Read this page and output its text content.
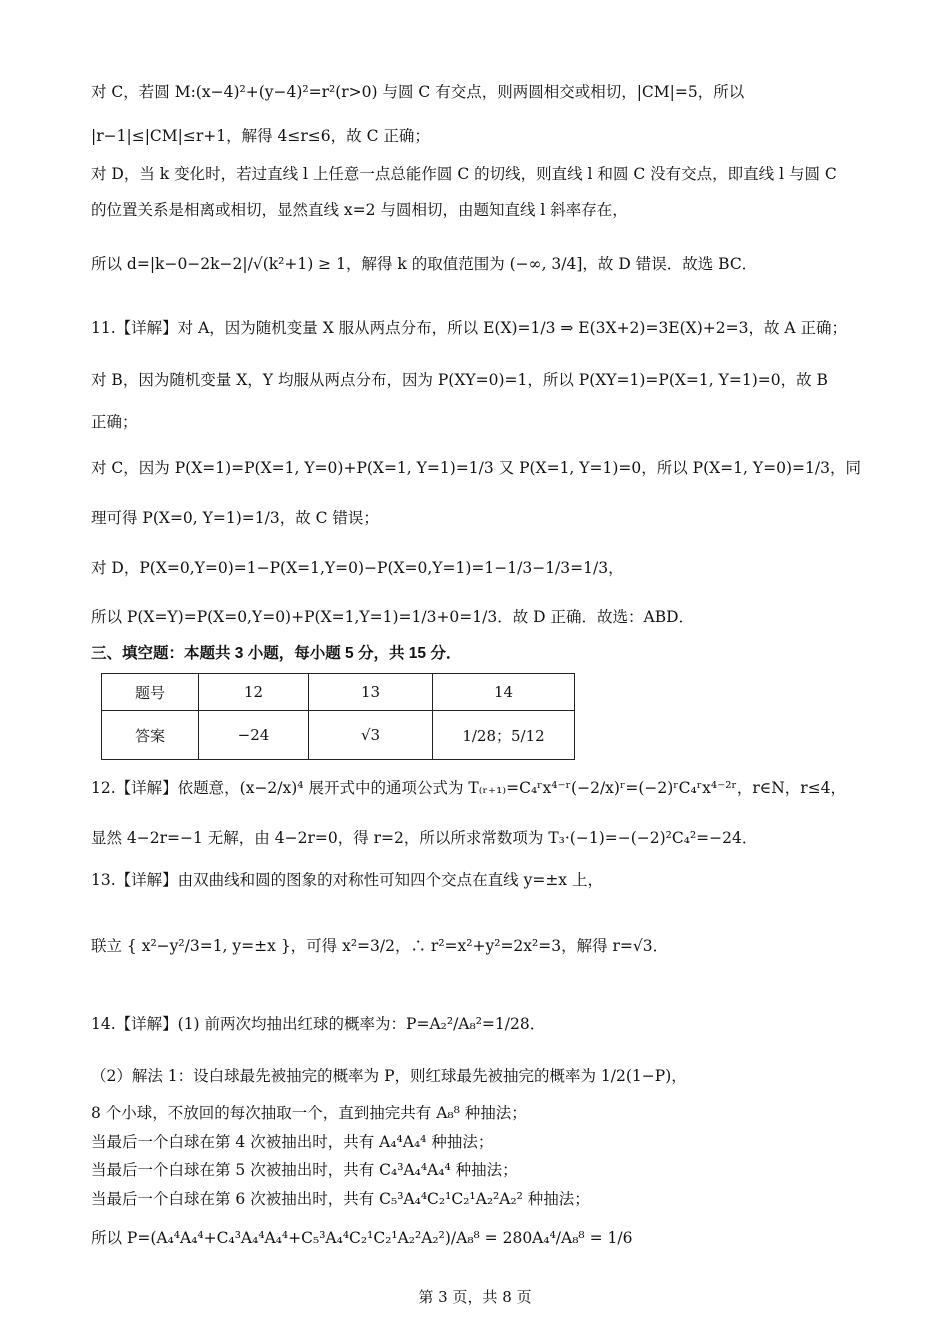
对 C，若圆 M:(x−4)²+(y−4)²=r²(r>0) 与圆 C 有交点，则两圆相交或相切，|CM|=5，所以
|r−1|≤|CM|≤r+1，解得 4≤r≤6，故 C 正确；
对 D，当 k 变化时，若过直线 l 上任意一点总能作圆 C 的切线，则直线 l 和圆 C 没有交点，即直线 l 与圆 C
的位置关系是相离或相切，显然直线 x=2 与圆相切，由题知直线 l 斜率存在，
所以 d=|k−0−2k−2|/√(k²+1) ≥ 1，解得 k 的取值范围为 (−∞, 3/4]，故 D 错误．故选 BC．
11.【详解】对 A，因为随机变量 X 服从两点分布，所以 E(X)=1/3 ⇒ E(3X+2)=3E(X)+2=3，故 A 正确；
对 B，因为随机变量 X，Y 均服从两点分布，因为 P(XY=0)=1，所以 P(XY=1)=P(X=1, Y=1)=0，故 B
正确；
对 C，因为 P(X=1)=P(X=1, Y=0)+P(X=1, Y=1)=1/3 又 P(X=1, Y=1)=0，所以 P(X=1, Y=0)=1/3，同
理可得 P(X=0, Y=1)=1/3，故 C 错误；
对 D，P(X=0,Y=0)=1−P(X=1,Y=0)−P(X=0,Y=1)=1−1/3−1/3=1/3，
所以 P(X=Y)=P(X=0,Y=0)+P(X=1,Y=1)=1/3+0=1/3．故 D 正确．故选：ABD．
三、填空题：本题共 3 小题，每小题 5 分，共 15 分．
题号	12	13	14
答案	−24	√3	1/28；5/12
12.【详解】依题意，(x−2/x)⁴ 展开式中的通项公式为 T₍ᵣ₊₁₎=C₄ʳx⁴⁻ʳ(−2/x)ʳ=(−2)ʳC₄ʳx⁴⁻²ʳ，r∈N，r≤4，
显然 4−2r=−1 无解，由 4−2r=0，得 r=2，所以所求常数项为 T₃·(−1)=−(−2)²C₄²=−24．
13.【详解】由双曲线和圆的图象的对称性可知四个交点在直线 y=±x 上，
联立 { x²−y²/3=1, y=±x }，可得 x²=3/2，∴ r²=x²+y²=2x²=3，解得 r=√3．
14.【详解】(1) 前两次均抽出红球的概率为：P=A₂²/A₈²=1/28．
（2）解法 1：设白球最先被抽完的概率为 P，则红球最先被抽完的概率为 1/2(1−P)，
8 个小球，不放回的每次抽取一个，直到抽完共有 A₈⁸ 种抽法；
当最后一个白球在第 4 次被抽出时，共有 A₄⁴A₄⁴ 种抽法；
当最后一个白球在第 5 次被抽出时，共有 C₄³A₄⁴A₄⁴ 种抽法；
当最后一个白球在第 6 次被抽出时，共有 C₅³A₄⁴C₂¹C₂¹A₂²A₂² 种抽法；
所以 P=(A₄⁴A₄⁴+C₄³A₄⁴A₄⁴+C₅³A₄⁴C₂¹C₂¹A₂²A₂²)/A₈⁸ = 280A₄⁴/A₈⁸ = 1/6
第 3 页，共 8 页
